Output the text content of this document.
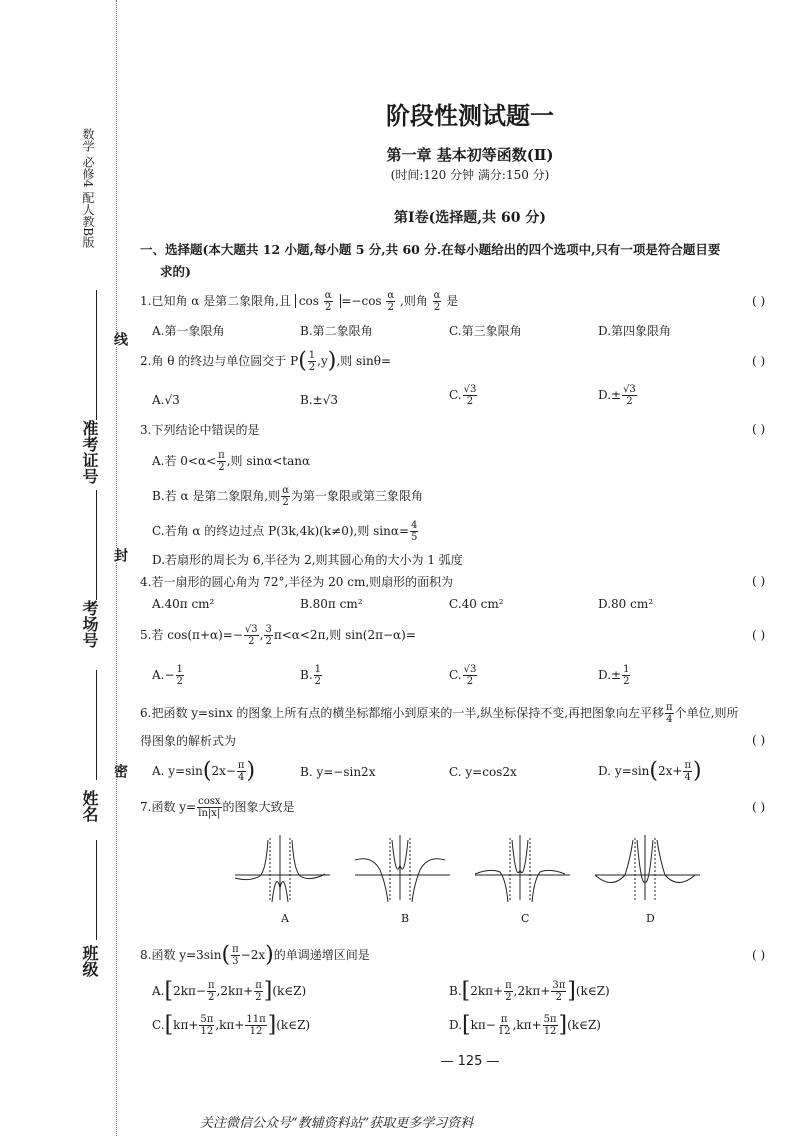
数学 必修4 配人教B版
准考证号
考场号
姓名
班级
线
封
密
阶段性测试题一
第一章 基本初等函数(Ⅱ)
(时间:120 分钟 满分:150 分)
第Ⅰ卷(选择题,共 60 分)
一、选择题(本大题共 12 小题,每小题 5 分,共 60 分.在每小题给出的四个选项中,只有一项是符合题目要
求的)
1.已知角 α 是第二象限角,且 $\cos \frac{\alpha}{2} =-\cos \frac{\alpha}{2}$ ,则角 $\frac{\alpha}{2}$ 是	( )
A.第一象限角	B.第二象限角	C.第三象限角	D.第四象限角
2.角 θ 的终边与单位圆交于 $P( \frac{1}{2} ,y)$,则 sinθ=	( )
A.√3	B.±√3	C. $\frac{√3}{2}$	$D.\pm \frac{√3}{2}$
3.下列结论中错误的是	( )
A.若 $0<\alpha< \frac{\pi}{2}$ ,则 sinα<tanα
B.若 α 是第二象限角,则 $\frac{\alpha}{2}$ 为第一象限或第三象限角
C.若角 α 的终边过点 P(3k,4k)(k≠0),则 $\sin\alpha= \frac{4}{5}$
D.若扇形的周长为 6,半径为 2,则其圆心角的大小为 1 弧度
4.若一扇形的圆心角为 72°,半径为 20 cm,则扇形的面积为	( )
A.40π cm²	B.80π cm²	C.40 cm²	D.80 cm²
5.若 $\cos(\pi+\alpha)=- \frac{√3}{2}$ , $\frac{3}{2} \pi<\alpha<2\pi$,则 sin(2π−α)=	( )
$A.- \frac{1}{2}$	B. $\frac{1}{2}$	C. $\frac{√3}{2}$	$D.\pm \frac{1}{2}$
6.把函数 y=sinx 的图象上所有点的横坐标都缩小到原来的一半,纵坐标保持不变,再把图象向左平移 $\frac{\pi}{4}$ 个单位,则所
得图象的解析式为	( )
A. $y=\sin(2x- \frac{\pi}{4}$ )	B. y=−sin2x	C. y=cos2x	D. $y=\sin(2x+ \frac{\pi}{4}$ )
7.函数 $y= \frac{\cos x}{\ln|x|}$ 的图象大致是	( )
A	B	C	D
8.函数 $y=3\sin( \frac{\pi}{3} -2x)$的单调递增区间是	( )
$A.[2k\pi- \frac{\pi}{2} ,2k\pi+ \frac{\pi}{2}$ ](k∈Z)	$B.[2k\pi+ \frac{\pi}{2} ,2k\pi+ \frac{3\pi}{2}$ ](k∈Z)
$C.[k\pi+ \frac{5\pi}{12} ,k\pi+ \frac{11\pi}{12}$ ](k∈Z)	$D.[k\pi- \frac{\pi}{12} ,k\pi+ \frac{5\pi}{12}$ ](k∈Z)
— 125 —
关注微信公众号“教辅资料站”获取更多学习资料
